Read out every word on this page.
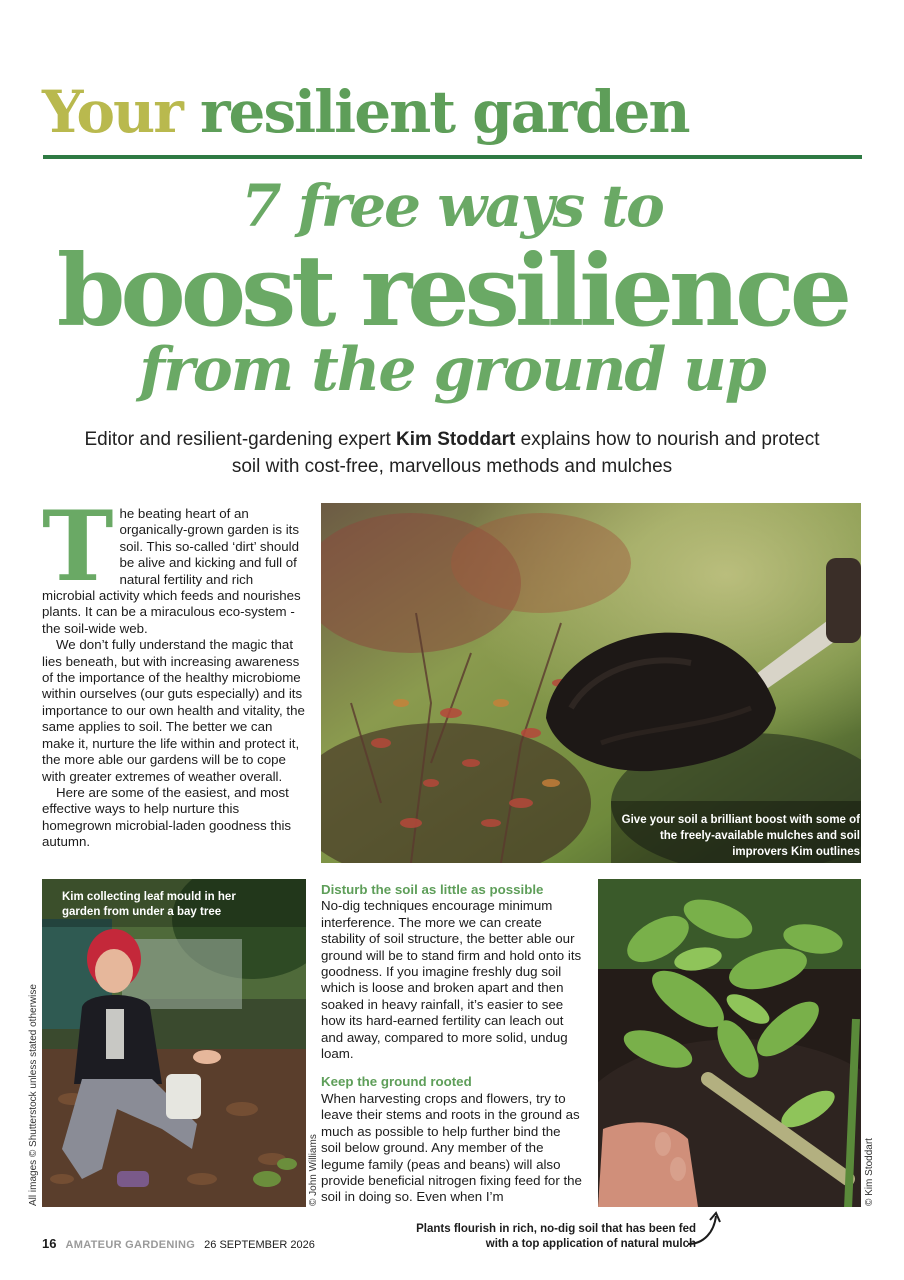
Your resilient garden
7 free ways to
boost resilience
from the ground up
Editor and resilient-gardening expert Kim Stoddart explains how to nourish and protect soil with cost-free, marvellous methods and mulches
T he beating heart of an organically-grown garden is its soil. This so-called ‘dirt’ should be alive and kicking and full of natural fertility and rich microbial activity which feeds and nourishes plants. It can be a miraculous eco-system - the soil-wide web.

We don’t fully understand the magic that lies beneath, but with increasing awareness of the importance of the healthy microbiome within ourselves (our guts especially) and its importance to our own health and vitality, the same applies to soil. The better we can make it, nurture the life within and protect it, the more able our gardens will be to cope with greater extremes of weather overall.

Here are some of the easiest, and most effective ways to help nurture this homegrown microbial-laden goodness this autumn.

Give your soil a brilliant boost with some of the freely-available mulches and soil improvers Kim outlines
Kim collecting leaf mould in her garden from under a bay tree
Disturb the soil as little as possible

No-dig techniques encourage minimum interference. The more we can create stability of soil structure, the better able our ground will be to stand firm and hold onto its goodness. If you imagine freshly dug soil which is loose and broken apart and then soaked in heavy rainfall, it’s easier to see how its hard-earned fertility can leach out and away, compared to more solid, undug loam.

Keep the ground rooted

When harvesting crops and flowers, try to leave their stems and roots in the ground as much as possible to help further bind the soil below ground. Any member of the legume family (peas and beans) will also provide beneficial nitrogen fixing feed for the soil in doing so. Even when I’m

All images © Shutterstock unless stated otherwise	© John Williams	© Kim Stoddart
Plants flourish in rich, no-dig soil that has been fed with a top application of natural mulch
16 AMATEUR GARDENING 26 SEPTEMBER 2026
